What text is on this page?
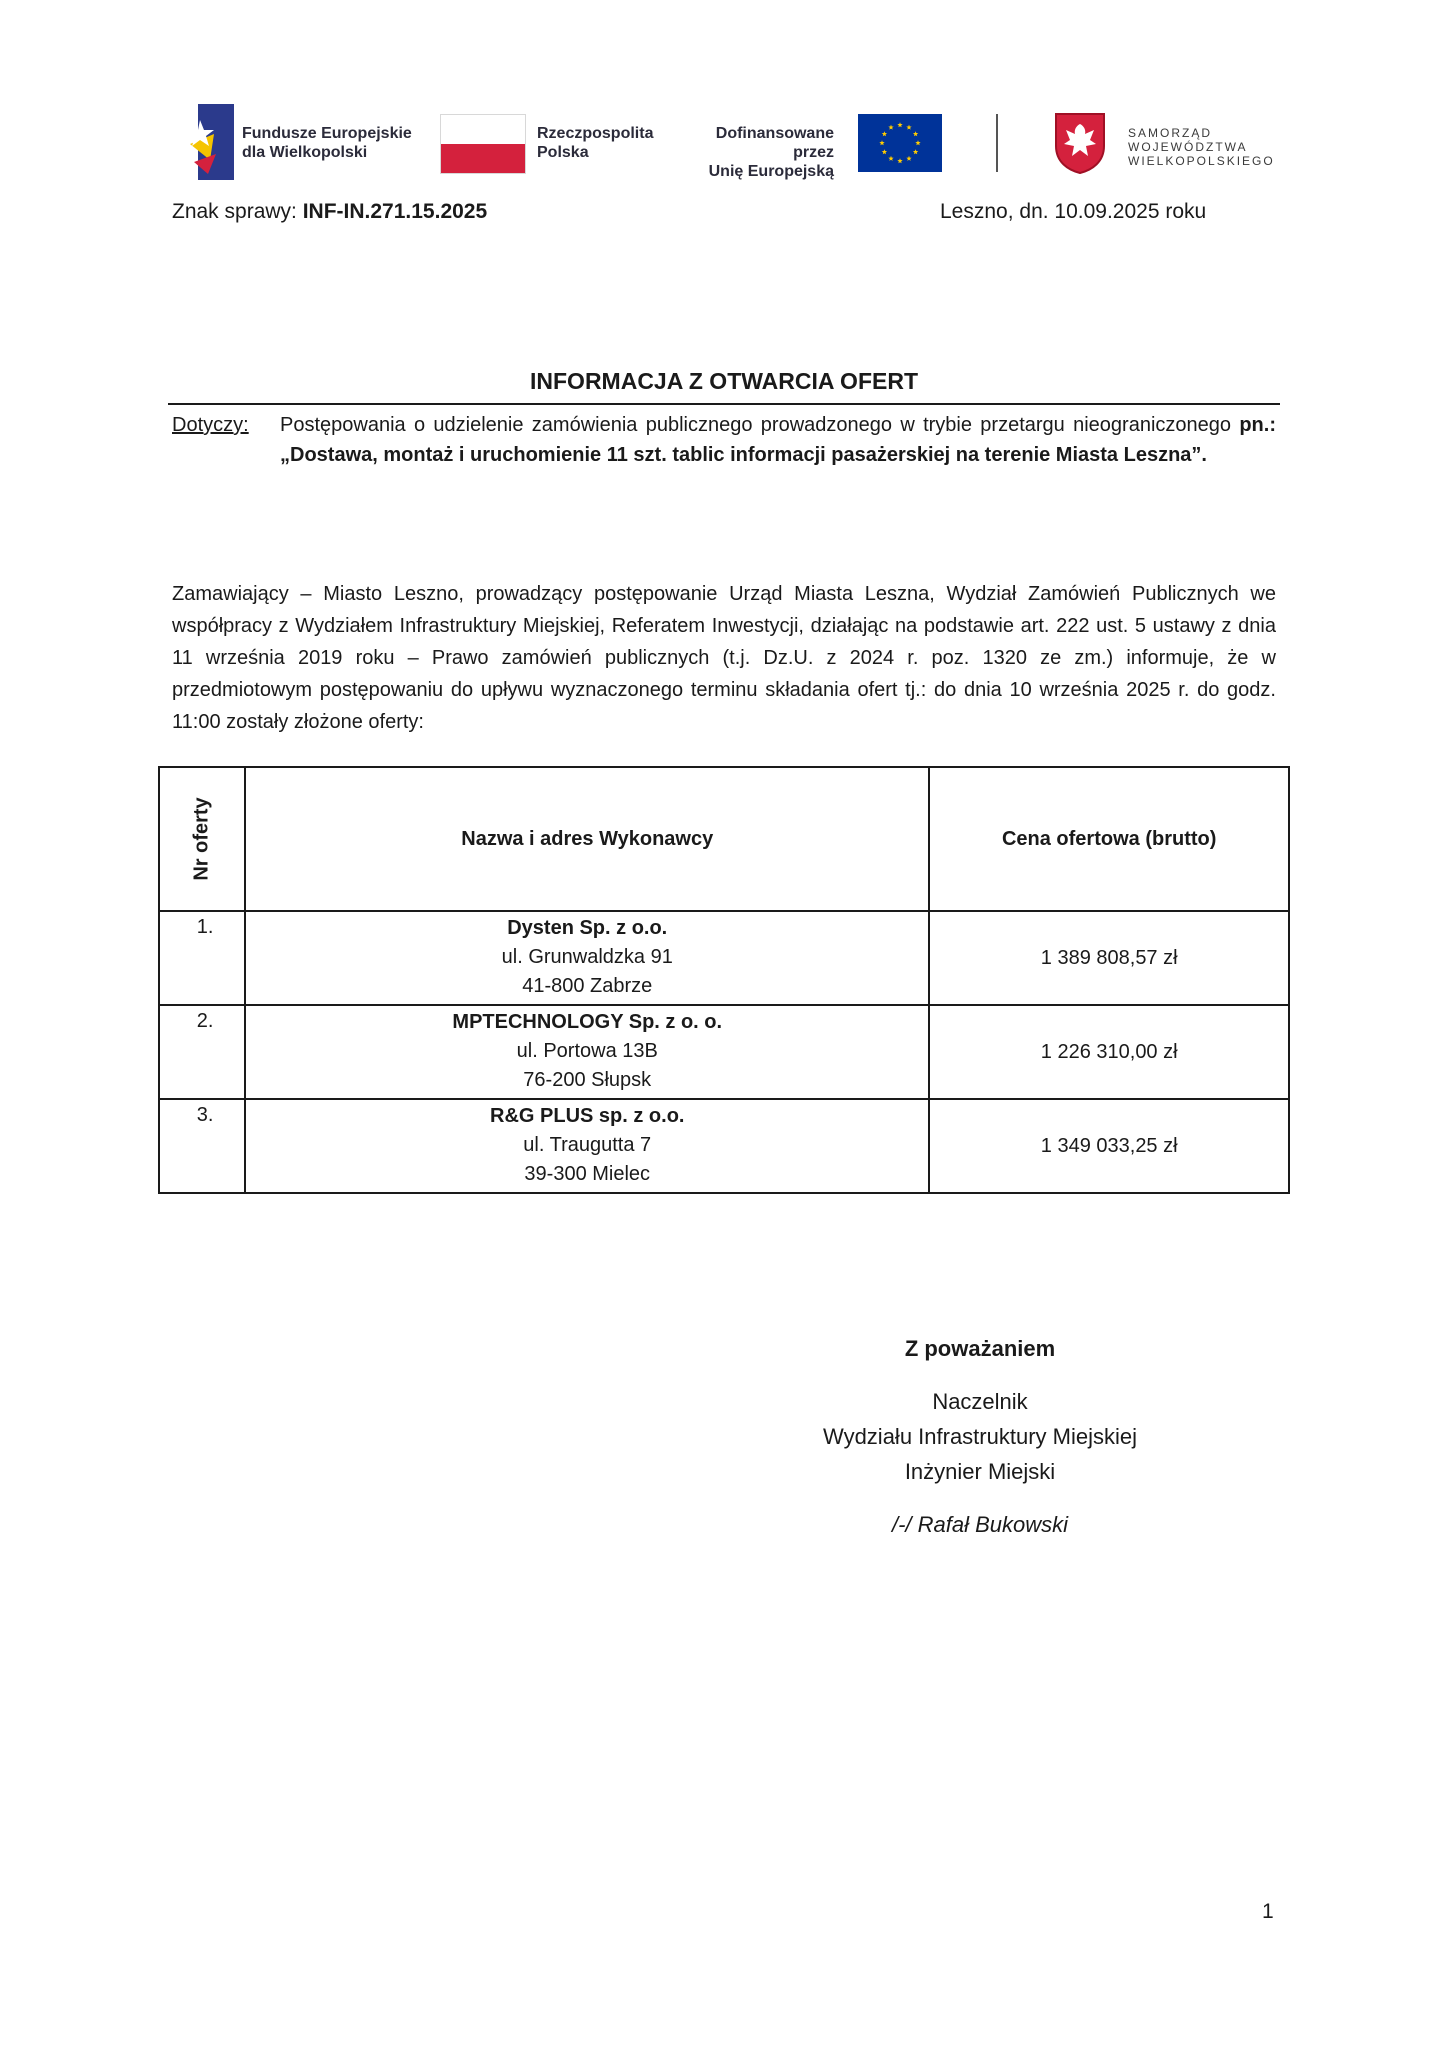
Fundusze Europejskie
dla Wielkopolski
Rzeczpospolita
Polska
Dofinansowane przez
Unię Europejską
SAMORZĄD
WOJEWÓDZTWA
WIELKOPOLSKIEGO
Znak sprawy: INF-IN.271.15.2025	Leszno, dn. 10.09.2025 roku
INFORMACJA Z OTWARCIA OFERT
Dotyczy: Postępowania o udzielenie zamówienia publicznego prowadzonego w trybie przetargu nieograniczonego pn.: „Dostawa, montaż i uruchomienie 11 szt. tablic informacji pasażerskiej na terenie Miasta Leszna”.
Zamawiający – Miasto Leszno, prowadzący postępowanie Urząd Miasta Leszna, Wydział Zamówień Publicznych we współpracy z Wydziałem Infrastruktury Miejskiej, Referatem Inwestycji, działając na podstawie art. 222 ust. 5 ustawy z dnia 11 września 2019 roku – Prawo zamówień publicznych (t.j. Dz.U. z 2024 r. poz. 1320 ze zm.) informuje, że w przedmiotowym postępowaniu do upływu wyznaczonego terminu składania ofert tj.: do dnia 10 września 2025 r. do godz. 11:00 zostały złożone oferty:
Nr oferty	Nazwa i adres Wykonawcy	Cena ofertowa (brutto)
1.	Dysten Sp. z o.o.
ul. Grunwaldzka 91
41-800 Zabrze	1 389 808,57 zł
2.	MPTECHNOLOGY Sp. z o. o.
ul. Portowa 13B
76-200 Słupsk	1 226 310,00 zł
3.	R&G PLUS sp. z o.o.
ul. Traugutta 7
39-300 Mielec	1 349 033,25 zł
Z poważaniem
Naczelnik
Wydziału Infrastruktury Miejskiej
Inżynier Miejski
/-/ Rafał Bukowski
1
